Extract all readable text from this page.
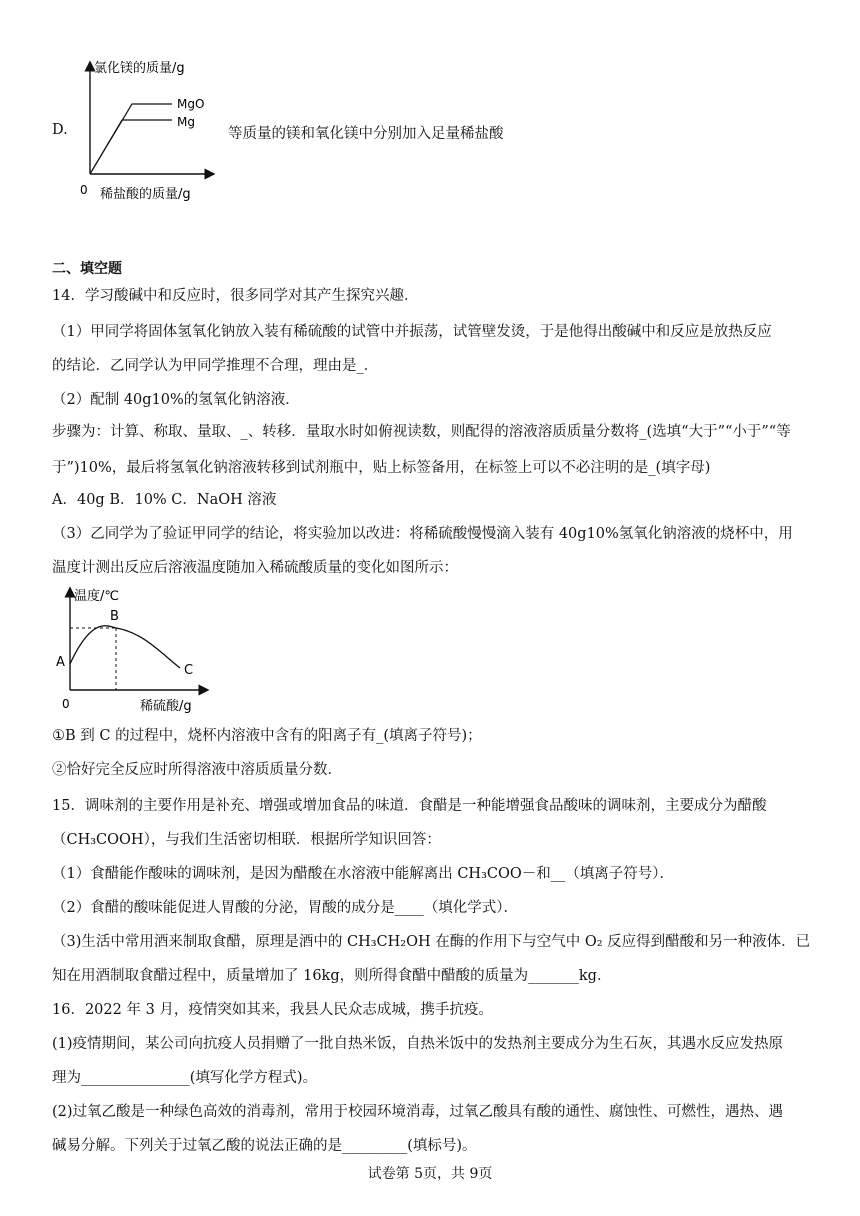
D.
氯化镁的质量/g
MgO
Mg
0 稀盐酸的质量/g
等质量的镁和氧化镁中分别加入足量稀盐酸
二、填空题
14．学习酸碱中和反应时，很多同学对其产生探究兴趣．
（1）甲同学将固体氢氧化钠放入装有稀硫酸的试管中并振荡，试管壁发烫，于是他得出酸碱中和反应是放热反应
的结论．乙同学认为甲同学推理不合理，理由是_．
（2）配制 40g10%的氢氧化钠溶液．
步骤为：计算、称取、量取、_、转移．量取水时如俯视读数，则配得的溶液溶质质量分数将_(选填“大于”“小于”“等
于”)10%，最后将氢氧化钠溶液转移到试剂瓶中，贴上标签备用，在标签上可以不必注明的是_(填字母)
A．40g B．10% C．NaOH 溶液
（3）乙同学为了验证甲同学的结论，将实验加以改进：将稀硫酸慢慢滴入装有 40g10%氢氧化钠溶液的烧杯中，用
温度计测出反应后溶液温度随加入稀硫酸质量的变化如图所示：
温度/℃
A
B
C
0	稀硫酸/g
①B 到 C 的过程中，烧杯内溶液中含有的阳离子有_(填离子符号)；
②恰好完全反应时所得溶液中溶质质量分数．
15．调味剂的主要作用是补充、增强或增加食品的味道．食醋是一种能增强食品酸味的调味剂，主要成分为醋酸
（CH₃COOH），与我们生活密切相联．根据所学知识回答：
（1）食醋能作酸味的调味剂，是因为醋酸在水溶液中能解离出 CH₃COO－和__（填离子符号）．
（2）食醋的酸味能促进人胃酸的分泌，胃酸的成分是____（填化学式）．
（3)生活中常用酒来制取食醋，原理是酒中的 CH₃CH₂OH 在酶的作用下与空气中 O₂ 反应得到醋酸和另一种液体．已
知在用酒制取食醋过程中，质量增加了 16kg，则所得食醋中醋酸的质量为_______kg．
16．2022 年 3 月，疫情突如其来，我县人民众志成城，携手抗疫。
(1)疫情期间，某公司向抗疫人员捐赠了一批自热米饭，自热米饭中的发热剂主要成分为生石灰，其遇水反应发热原
理为_______________(填写化学方程式)。
(2)过氧乙酸是一种绿色高效的消毒剂，常用于校园环境消毒，过氧乙酸具有酸的通性、腐蚀性、可燃性，遇热、遇
碱易分解。下列关于过氧乙酸的说法正确的是_________(填标号)。
试卷第 5页，共 9页
